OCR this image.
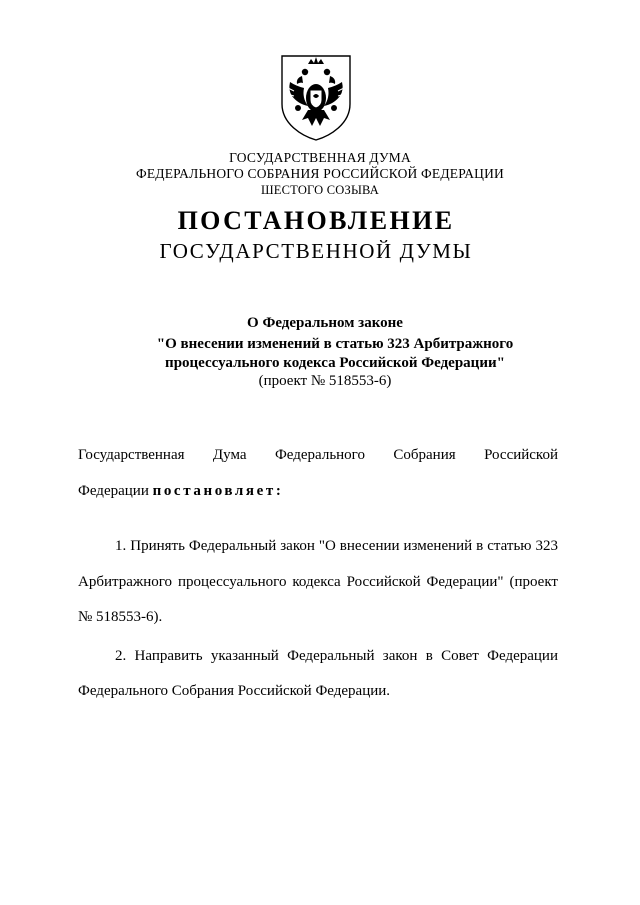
ГОСУДАРСТВЕННАЯ ДУМА
ФЕДЕРАЛЬНОГО СОБРАНИЯ РОССИЙСКОЙ ФЕДЕРАЦИИ
ШЕСТОГО СОЗЫВА
ПОСТАНОВЛЕНИЕ
ГОСУДАРСТВЕННОЙ ДУМЫ
О Федеральном законе
"О внесении изменений в статью 323 Арбитражного
процессуального кодекса Российской Федерации"
(проект № 518553-6)
Государственная Дума Федерального Собрания Российской
Федерации постановляет:
1. Принять Федеральный закон "О внесении изменений в статью 323
Арбитражного процессуального кодекса Российской Федерации" (проект
№ 518553-6).
2. Направить указанный Федеральный закон в Совет Федерации
Федерального Собрания Российской Федерации.
